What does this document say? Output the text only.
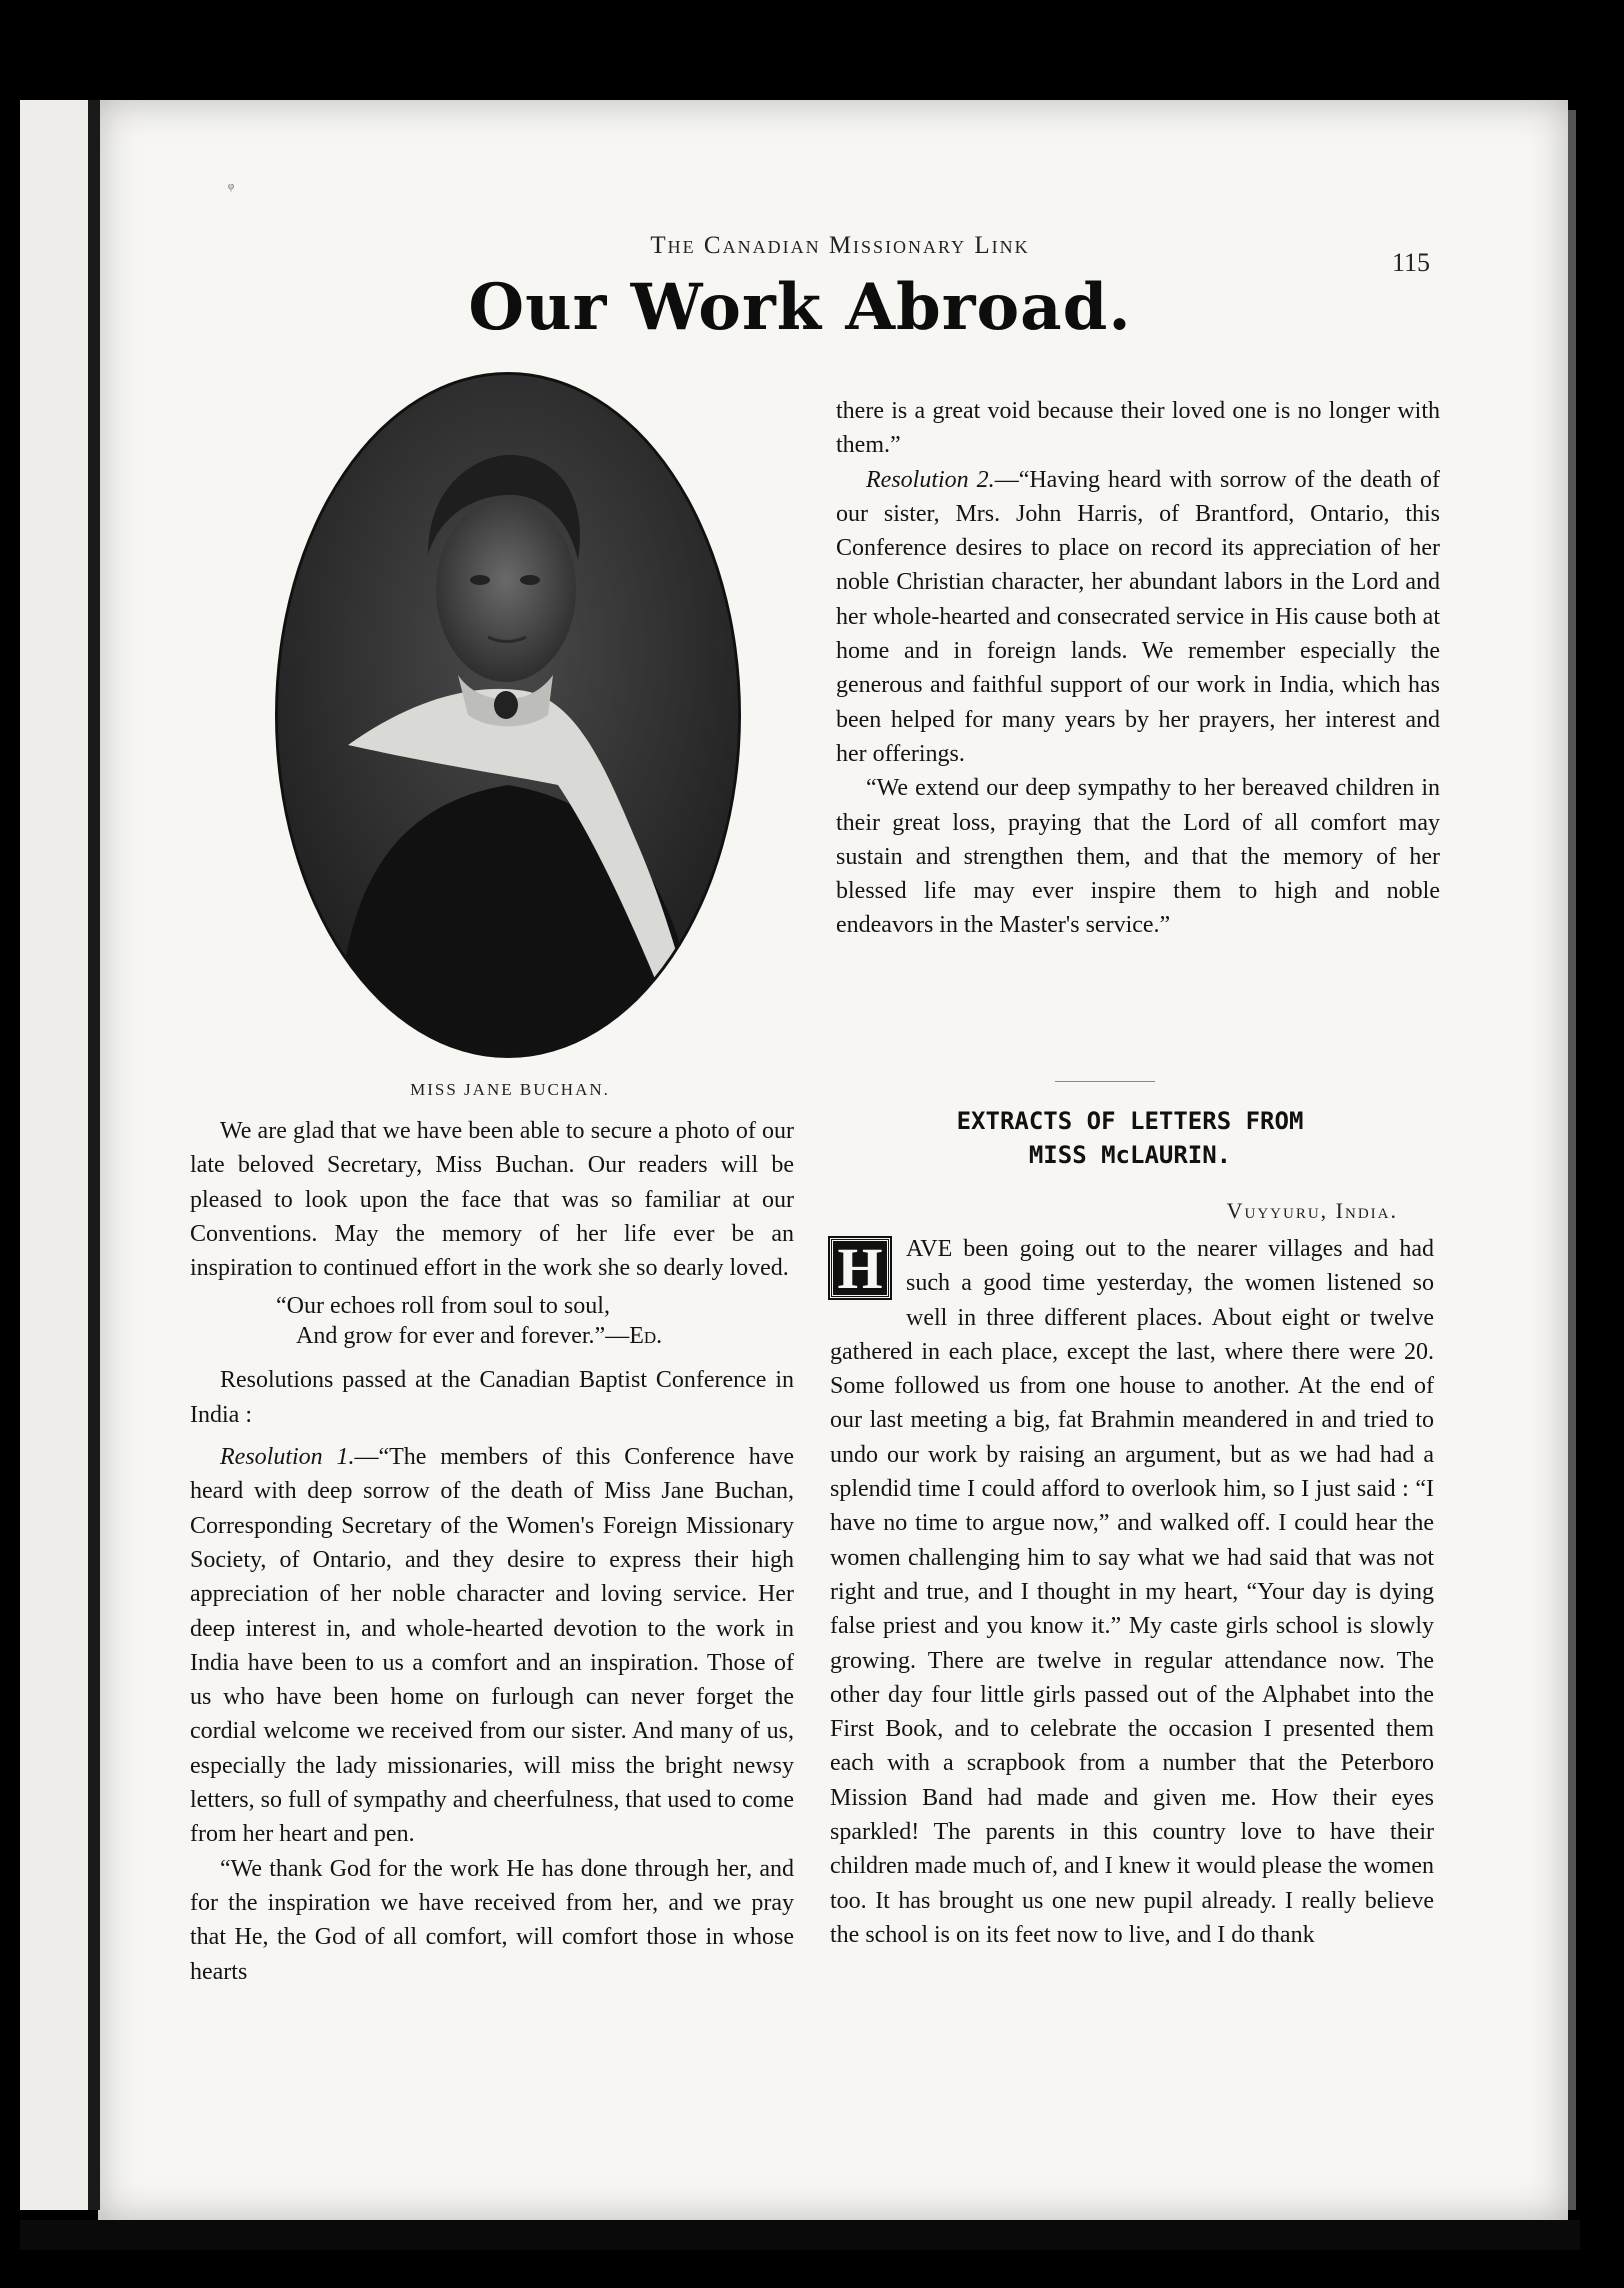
ᵠ
The Canadian Missionary Link
115
Our Work Abroad.
MISS JANE BUCHAN.

We are glad that we have been able to secure a photo of our late beloved Secretary, Miss Buchan. Our readers will be pleased to look upon the face that was so familiar at our Conventions. May the memory of her life ever be an inspiration to continued effort in the work she so dearly loved.

“Our echoes roll from soul to soul,
And grow for ever and forever.”—Ed.

Resolutions passed at the Canadian Baptist Conference in India :

Resolution 1.—“The members of this Conference have heard with deep sorrow of the death of Miss Jane Buchan, Corresponding Secretary of the Women's Foreign Missionary Society, of Ontario, and they desire to express their high appreciation of her noble character and loving service. Her deep interest in, and whole-hearted devotion to the work in India have been to us a comfort and an inspiration. Those of us who have been home on furlough can never forget the cordial welcome we received from our sister. And many of us, especially the lady missionaries, will miss the bright newsy letters, so full of sympathy and cheerfulness, that used to come from her heart and pen.

“We thank God for the work He has done through her, and for the inspiration we have received from her, and we pray that He, the God of all comfort, will comfort those in whose hearts

there is a great void because their loved one is no longer with them.”

Resolution 2.—“Having heard with sorrow of the death of our sister, Mrs. John Harris, of Brantford, Ontario, this Conference desires to place on record its appreciation of her noble Christian character, her abundant labors in the Lord and her whole-hearted and consecrated service in His cause both at home and in foreign lands. We remember especially the generous and faithful support of our work in India, which has been helped for many years by her prayers, her interest and her offerings.

“We extend our deep sympathy to her bereaved children in their great loss, praying that the Lord of all comfort may sustain and strengthen them, and that the memory of her blessed life may ever inspire them to high and noble endeavors in the Master's service.”

EXTRACTS OF LETTERS FROM
MISS McLAURIN.
Vuyyuru, India.
H AVE been going out to the nearer villages and had such a good time yesterday, the women listened so well in three different places. About eight or twelve gathered in each place, except the last, where there were 20. Some followed us from one house to another. At the end of our last meeting a big, fat Brahmin meandered in and tried to undo our work by raising an argument, but as we had had a splendid time I could afford to overlook him, so I just said : “I have no time to argue now,” and walked off. I could hear the women challenging him to say what we had said that was not right and true, and I thought in my heart, “Your day is dying false priest and you know it.” My caste girls school is slowly growing. There are twelve in regular attendance now. The other day four little girls passed out of the Alphabet into the First Book, and to celebrate the occasion I presented them each with a scrapbook from a number that the Peterboro Mission Band had made and given me. How their eyes sparkled! The parents in this country love to have their children made much of, and I knew it would please the women too. It has brought us one new pupil already. I really believe the school is on its feet now to live, and I do thank
